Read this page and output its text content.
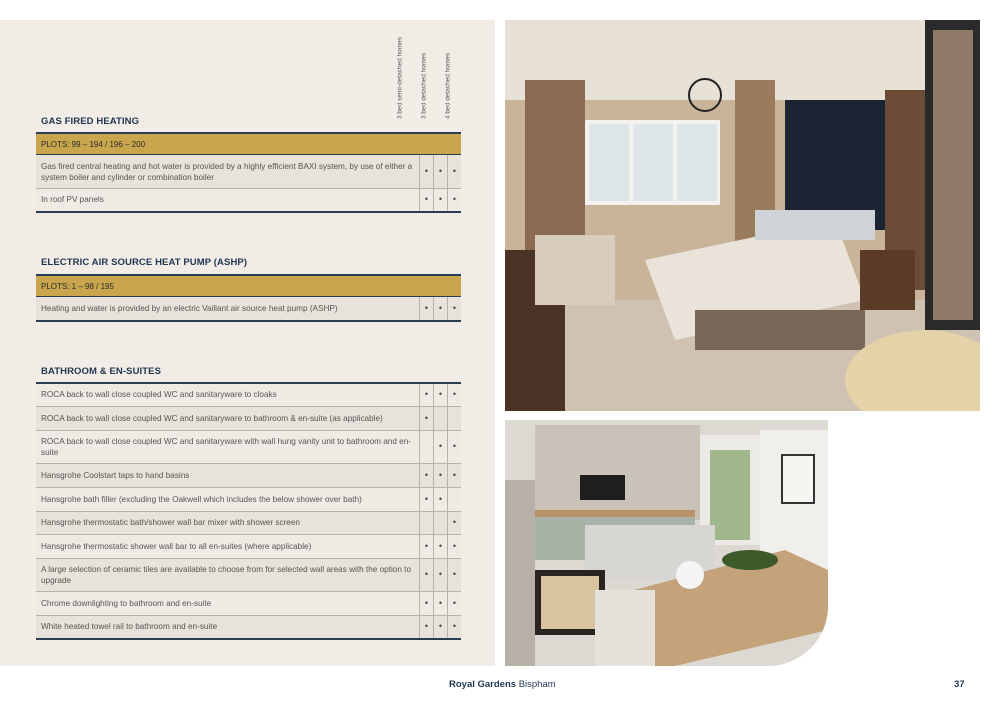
3 bed semi-detached homes	3 bed detached homes	4 bed detached homes
GAS FIRED HEATING
PLOTS: 99 – 194 / 196 – 200			
Gas fired central heating and hot water is provided by a highly efficient BAXI system, by use of either a system boiler and cylinder or combination boiler	•	•	•
In roof PV panels	•	•	•
ELECTRIC AIR SOURCE HEAT PUMP (ASHP)
PLOTS: 1 – 98 / 195
Heating and water is provided by an electric Vaillant air source heat pump (ASHP)	•	•	•
BATHROOM & EN-SUITES
ROCA back to wall close coupled WC and sanitaryware to cloaks	•	•	•
ROCA back to wall close coupled WC and sanitaryware to bathroom & en-suite (as applicable)	•		
ROCA back to wall close coupled WC and sanitaryware with wall hung vanity unit to bathroom and en-suite		•	•
Hansgrohe Coolstart taps to hand basins	•	•	•
Hansgrohe bath filler (excluding the Oakwell which includes the below shower over bath)	•	•	
Hansgrohe thermostatic bath/shower wall bar mixer with shower screen			•
Hansgrohe thermostatic shower wall bar to all en-suites (where applicable)	•	•	•
A large selection of ceramic tiles are available to choose from for selected wall areas with the option to upgrade	•	•	•
Chrome downlighting to bathroom and en-suite	•	•	•
White heated towel rail to bathroom and en-suite	•	•	•
Royal Gardens Bispham	37
